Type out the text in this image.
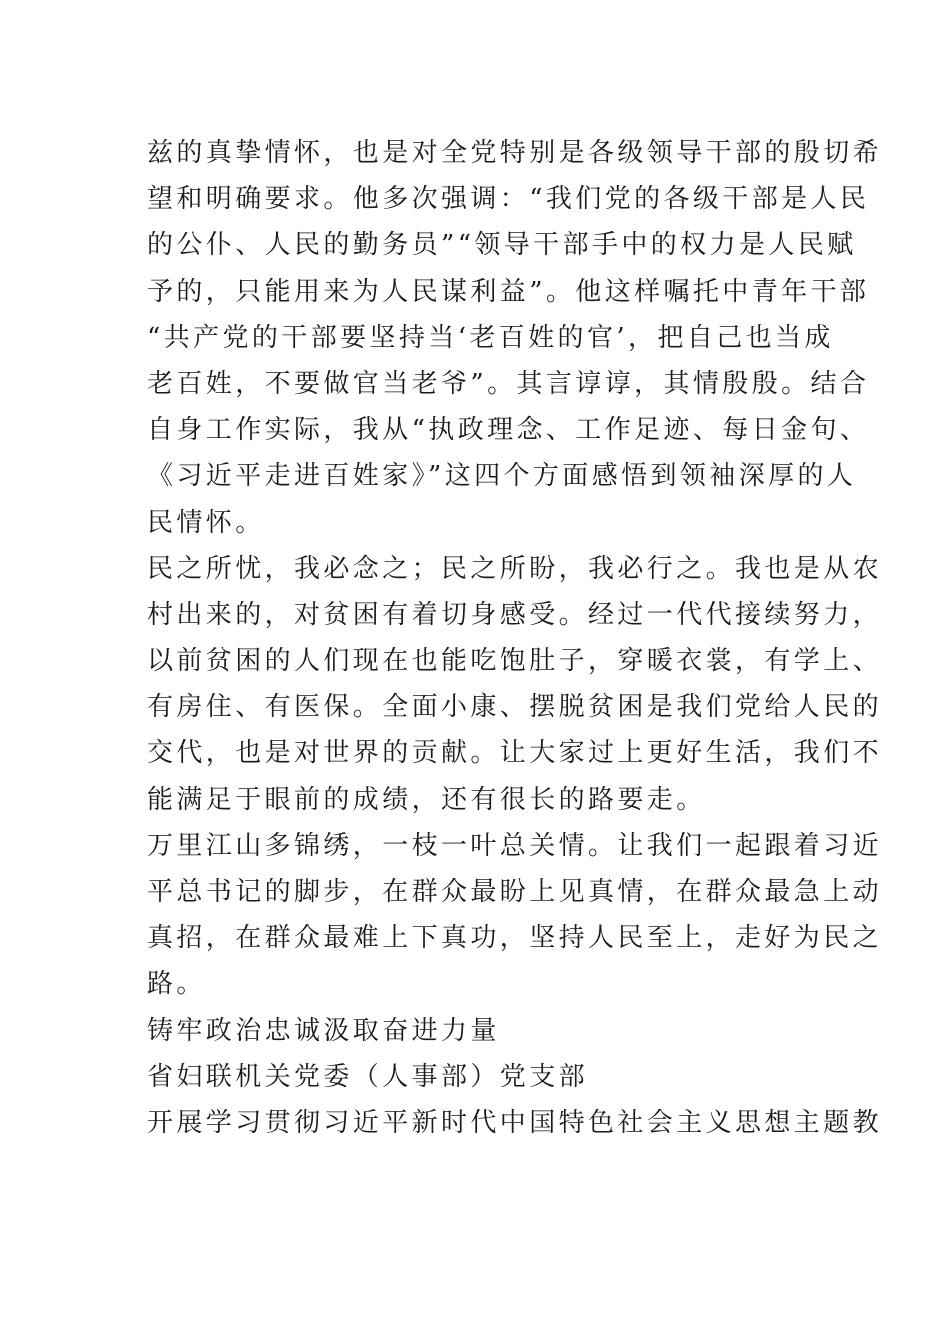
兹的真挚情怀，也是对全党特别是各级领导干部的殷切希
望和明确要求。他多次强调：“我们党的各级干部是人民
的公仆、人民的勤务员”“领导干部手中的权力是人民赋
予的，只能用来为人民谋利益”。他这样嘱托中青年干部
“共产党的干部要坚持当‘老百姓的官’，把自己也当成
老百姓，不要做官当老爷”。其言谆谆，其情殷殷。结合
自身工作实际，我从“执政理念、工作足迹、每日金句、
《习近平走进百姓家》”这四个方面感悟到领袖深厚的人
民情怀。
民之所忧，我必念之；民之所盼，我必行之。我也是从农
村出来的，对贫困有着切身感受。经过一代代接续努力，
以前贫困的人们现在也能吃饱肚子，穿暖衣裳，有学上、
有房住、有医保。全面小康、摆脱贫困是我们党给人民的
交代，也是对世界的贡献。让大家过上更好生活，我们不
能满足于眼前的成绩，还有很长的路要走。
万里江山多锦绣，一枝一叶总关情。让我们一起跟着习近
平总书记的脚步，在群众最盼上见真情，在群众最急上动
真招，在群众最难上下真功，坚持人民至上，走好为民之
路。
铸牢政治忠诚汲取奋进力量
省妇联机关党委（人事部）党支部
开展学习贯彻习近平新时代中国特色社会主义思想主题教
